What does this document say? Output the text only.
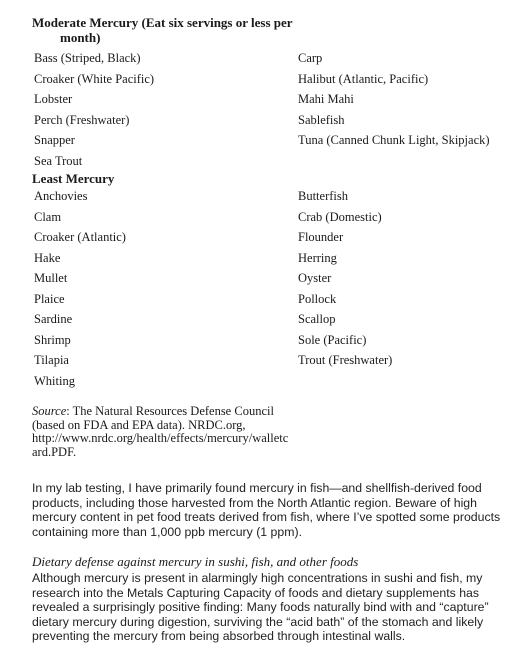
Moderate Mercury (Eat six servings or less per
month)
Bass (Striped, Black)
Croaker (White Pacific)
Lobster
Perch (Freshwater)
Snapper
Sea Trout
Carp
Halibut (Atlantic, Pacific)
Mahi Mahi
Sablefish
Tuna (Canned Chunk Light, Skipjack)
Least Mercury
Anchovies
Clam
Croaker (Atlantic)
Hake
Mullet
Plaice
Sardine
Shrimp
Tilapia
Whiting
Butterfish
Crab (Domestic)
Flounder
Herring
Oyster
Pollock
Scallop
Sole (Pacific)
Trout (Freshwater)
Source: The Natural Resources Defense Council (based on FDA and EPA data). NRDC.org, http://www.nrdc.org/health/effects/mercury/walletc ard.PDF.
In my lab testing, I have primarily found mercury in fish—and shellfish-derived food products, including those harvested from the North Atlantic region. Beware of high mercury content in pet food treats derived from fish, where I’ve spotted some products containing more than 1,000 ppb mercury (1 ppm).
Dietary defense against mercury in sushi, fish, and other foods
Although mercury is present in alarmingly high concentrations in sushi and fish, my research into the Metals Capturing Capacity of foods and dietary supplements has revealed a surprisingly positive finding: Many foods naturally bind with and “capture” dietary mercury during digestion, surviving the “acid bath” of the stomach and likely preventing the mercury from being absorbed through intestinal walls.
